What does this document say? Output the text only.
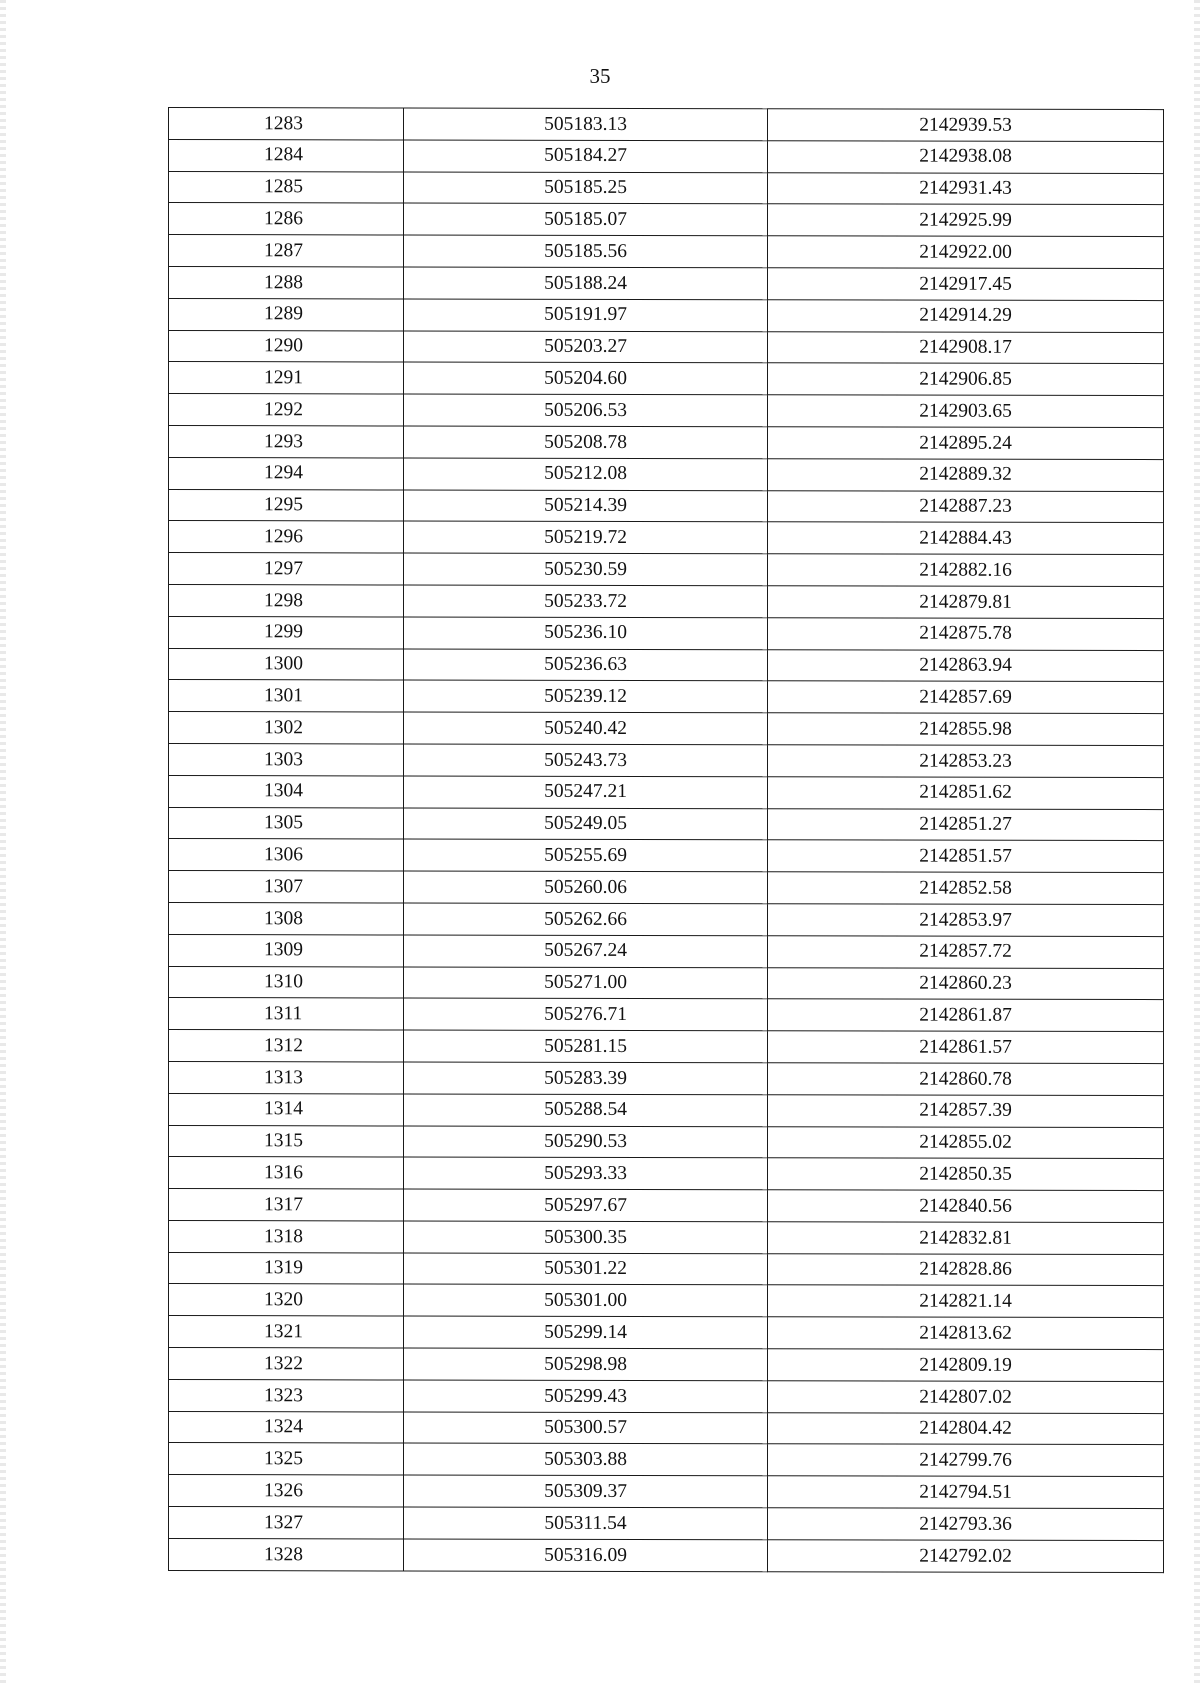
35
1283	505183.13	2142939.53
1284	505184.27	2142938.08
1285	505185.25	2142931.43
1286	505185.07	2142925.99
1287	505185.56	2142922.00
1288	505188.24	2142917.45
1289	505191.97	2142914.29
1290	505203.27	2142908.17
1291	505204.60	2142906.85
1292	505206.53	2142903.65
1293	505208.78	2142895.24
1294	505212.08	2142889.32
1295	505214.39	2142887.23
1296	505219.72	2142884.43
1297	505230.59	2142882.16
1298	505233.72	2142879.81
1299	505236.10	2142875.78
1300	505236.63	2142863.94
1301	505239.12	2142857.69
1302	505240.42	2142855.98
1303	505243.73	2142853.23
1304	505247.21	2142851.62
1305	505249.05	2142851.27
1306	505255.69	2142851.57
1307	505260.06	2142852.58
1308	505262.66	2142853.97
1309	505267.24	2142857.72
1310	505271.00	2142860.23
1311	505276.71	2142861.87
1312	505281.15	2142861.57
1313	505283.39	2142860.78
1314	505288.54	2142857.39
1315	505290.53	2142855.02
1316	505293.33	2142850.35
1317	505297.67	2142840.56
1318	505300.35	2142832.81
1319	505301.22	2142828.86
1320	505301.00	2142821.14
1321	505299.14	2142813.62
1322	505298.98	2142809.19
1323	505299.43	2142807.02
1324	505300.57	2142804.42
1325	505303.88	2142799.76
1326	505309.37	2142794.51
1327	505311.54	2142793.36
1328	505316.09	2142792.02
